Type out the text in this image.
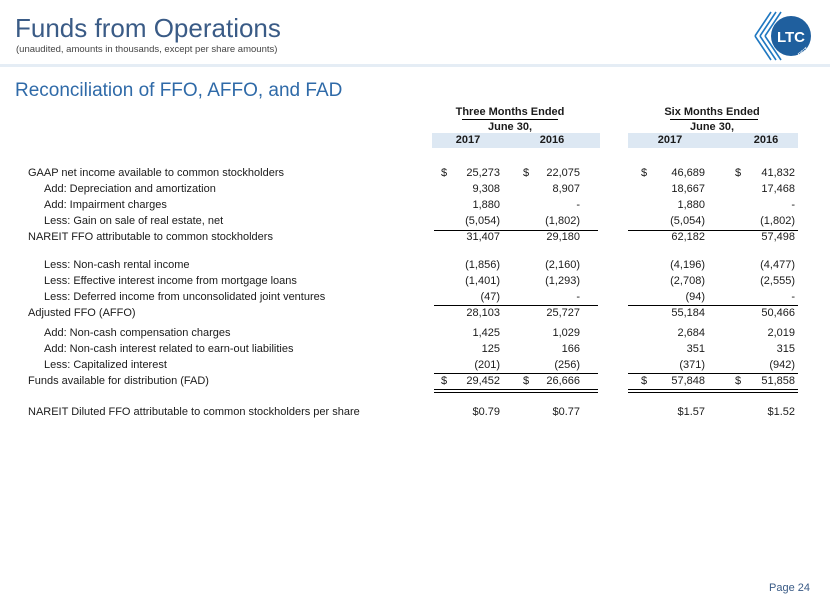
Funds from Operations
(unaudited, amounts in thousands, except per share amounts)
Reconciliation of FFO, AFFO, and FAD
LTC
REIT
Three Months Ended
June 30,
Six Months Ended
June 30,
2017	2016	2017	2016
GAAP net income available to common stockholders	$	25,273 $	22,075	$	46,689	$	41,832
Add: Depreciation and amortization	9,308	8,907	18,667	17,468
Add: Impairment charges	1,880	-	1,880	-
Less: Gain on sale of real estate, net	(5,054)	(1,802)	(5,054)	(1,802)
NAREIT FFO attributable to common stockholders	31,407	29,180	62,182	57,498
Less: Non-cash rental income	(1,856)	(2,160)	(4,196)	(4,477)
Less: Effective interest income from mortgage loans	(1,401)	(1,293)	(2,708)	(2,555)
Less: Deferred income from unconsolidated joint ventures	(47)	-	(94)	-
Adjusted FFO (AFFO)	28,103	25,727	55,184	50,466
Add: Non-cash compensation charges	1,425	1,029	2,684	2,019
Add: Non-cash interest related to earn-out liabilities	125	166	351	315
Less: Capitalized interest	(201)	(256)	(371)	(942)
Funds available for distribution (FAD)	$	29,452 $	26,666	$	57,848	$	51,858
NAREIT Diluted FFO attributable to common stockholders per share	$0.79	$0.77	$1.57	$1.52
Page 24
